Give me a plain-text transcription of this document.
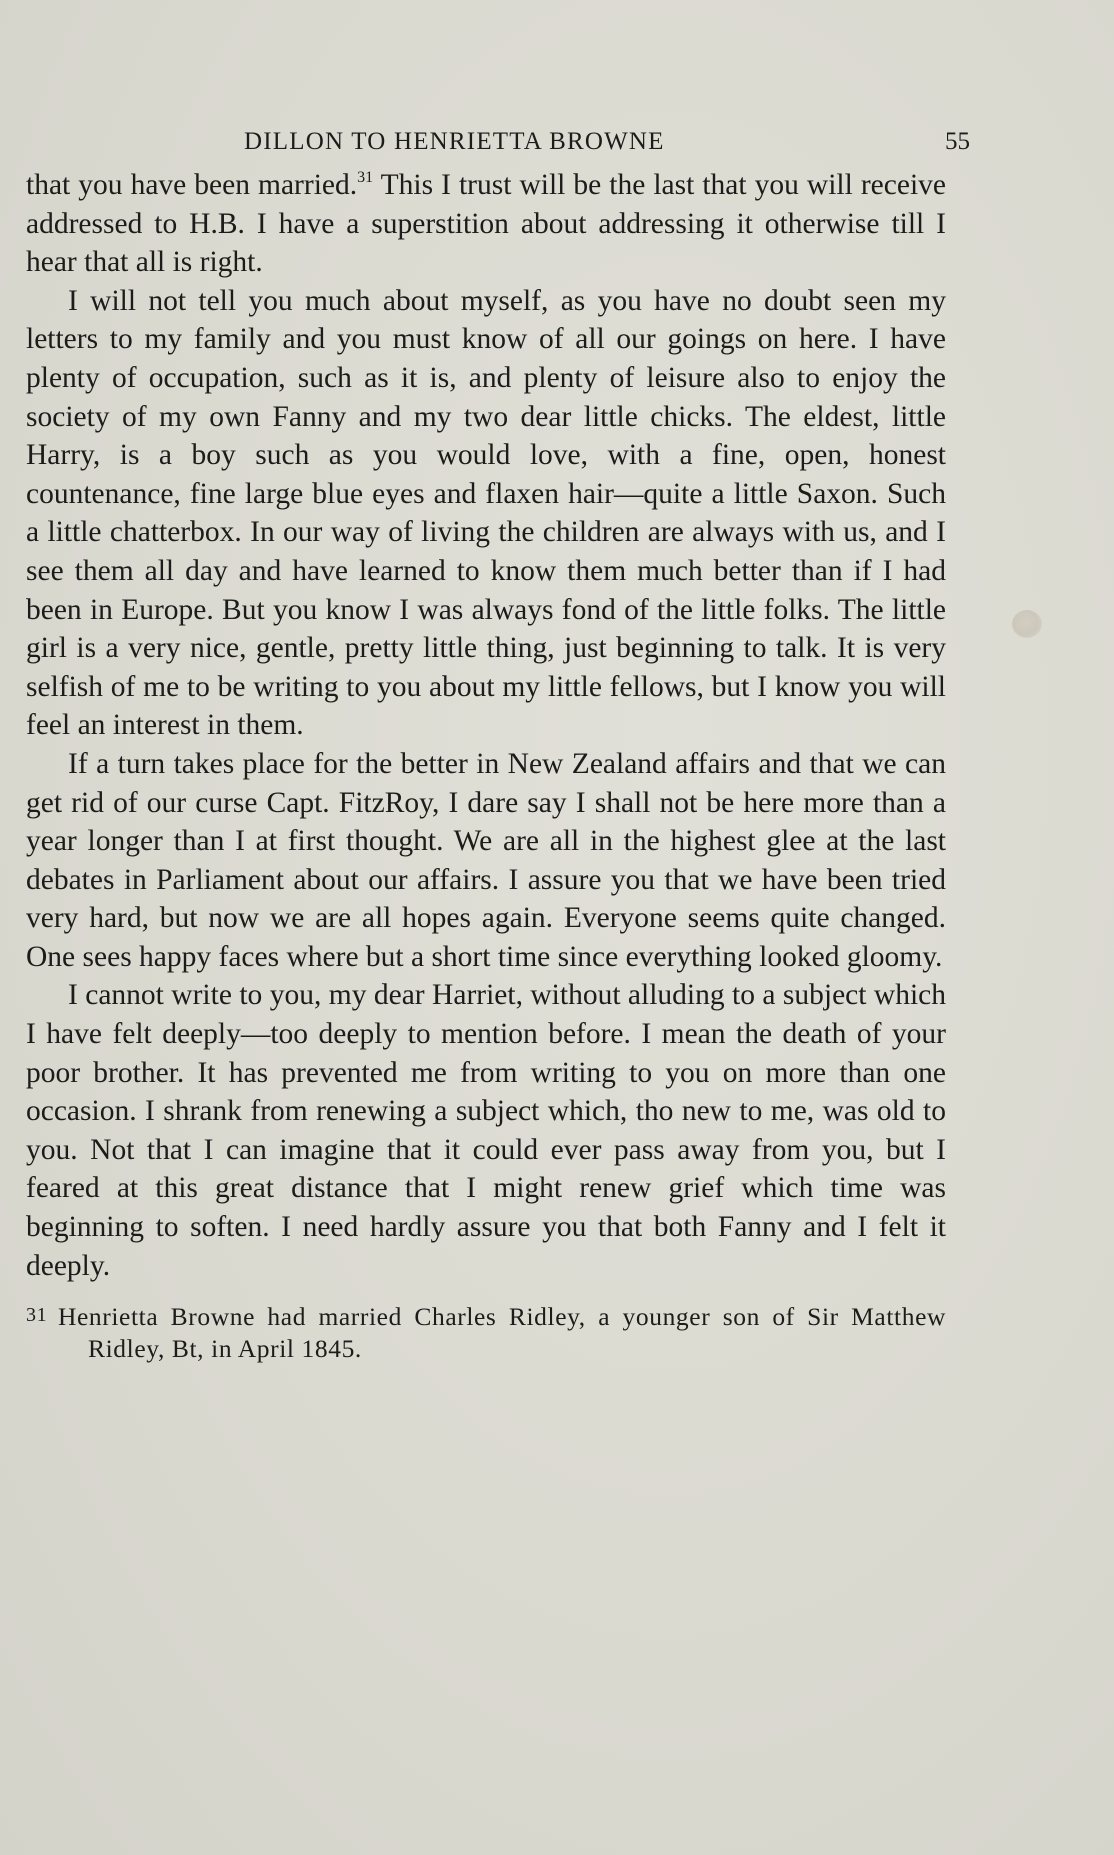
DILLON TO HENRIETTA BROWNE	55

that you have been married.$^{31}$ This I trust will be the last that you will receive addressed to H.B. I have a superstition about addressing it otherwise till I hear that all is right.

I will not tell you much about myself, as you have no doubt seen my letters to my family and you must know of all our goings on here. I have plenty of occupation, such as it is, and plenty of leisure also to enjoy the society of my own Fanny and my two dear little chicks. The eldest, little Harry, is a boy such as you would love, with a fine, open, honest countenance, fine large blue eyes and flaxen hair—quite a little Saxon. Such a little chatterbox. In our way of living the children are always with us, and I see them all day and have learned to know them much better than if I had been in Europe. But you know I was always fond of the little folks. The little girl is a very nice, gentle, pretty little thing, just beginning to talk. It is very selfish of me to be writing to you about my little fellows, but I know you will feel an interest in them.

If a turn takes place for the better in New Zealand affairs and that we can get rid of our curse Capt. FitzRoy, I dare say I shall not be here more than a year longer than I at first thought. We are all in the highest glee at the last debates in Parliament about our affairs. I assure you that we have been tried very hard, but now we are all hopes again. Everyone seems quite changed. One sees happy faces where but a short time since everything looked gloomy.

I cannot write to you, my dear Harriet, without alluding to a subject which I have felt deeply—too deeply to mention before. I mean the death of your poor brother. It has prevented me from writing to you on more than one occasion. I shrank from renewing a subject which, tho new to me, was old to you. Not that I can imagine that it could ever pass away from you, but I feared at this great distance that I might renew grief which time was beginning to soften. I need hardly assure you that both Fanny and I felt it deeply.

31 Henrietta Browne had married Charles Ridley, a younger son of Sir Matthew Ridley, Bt, in April 1845.
